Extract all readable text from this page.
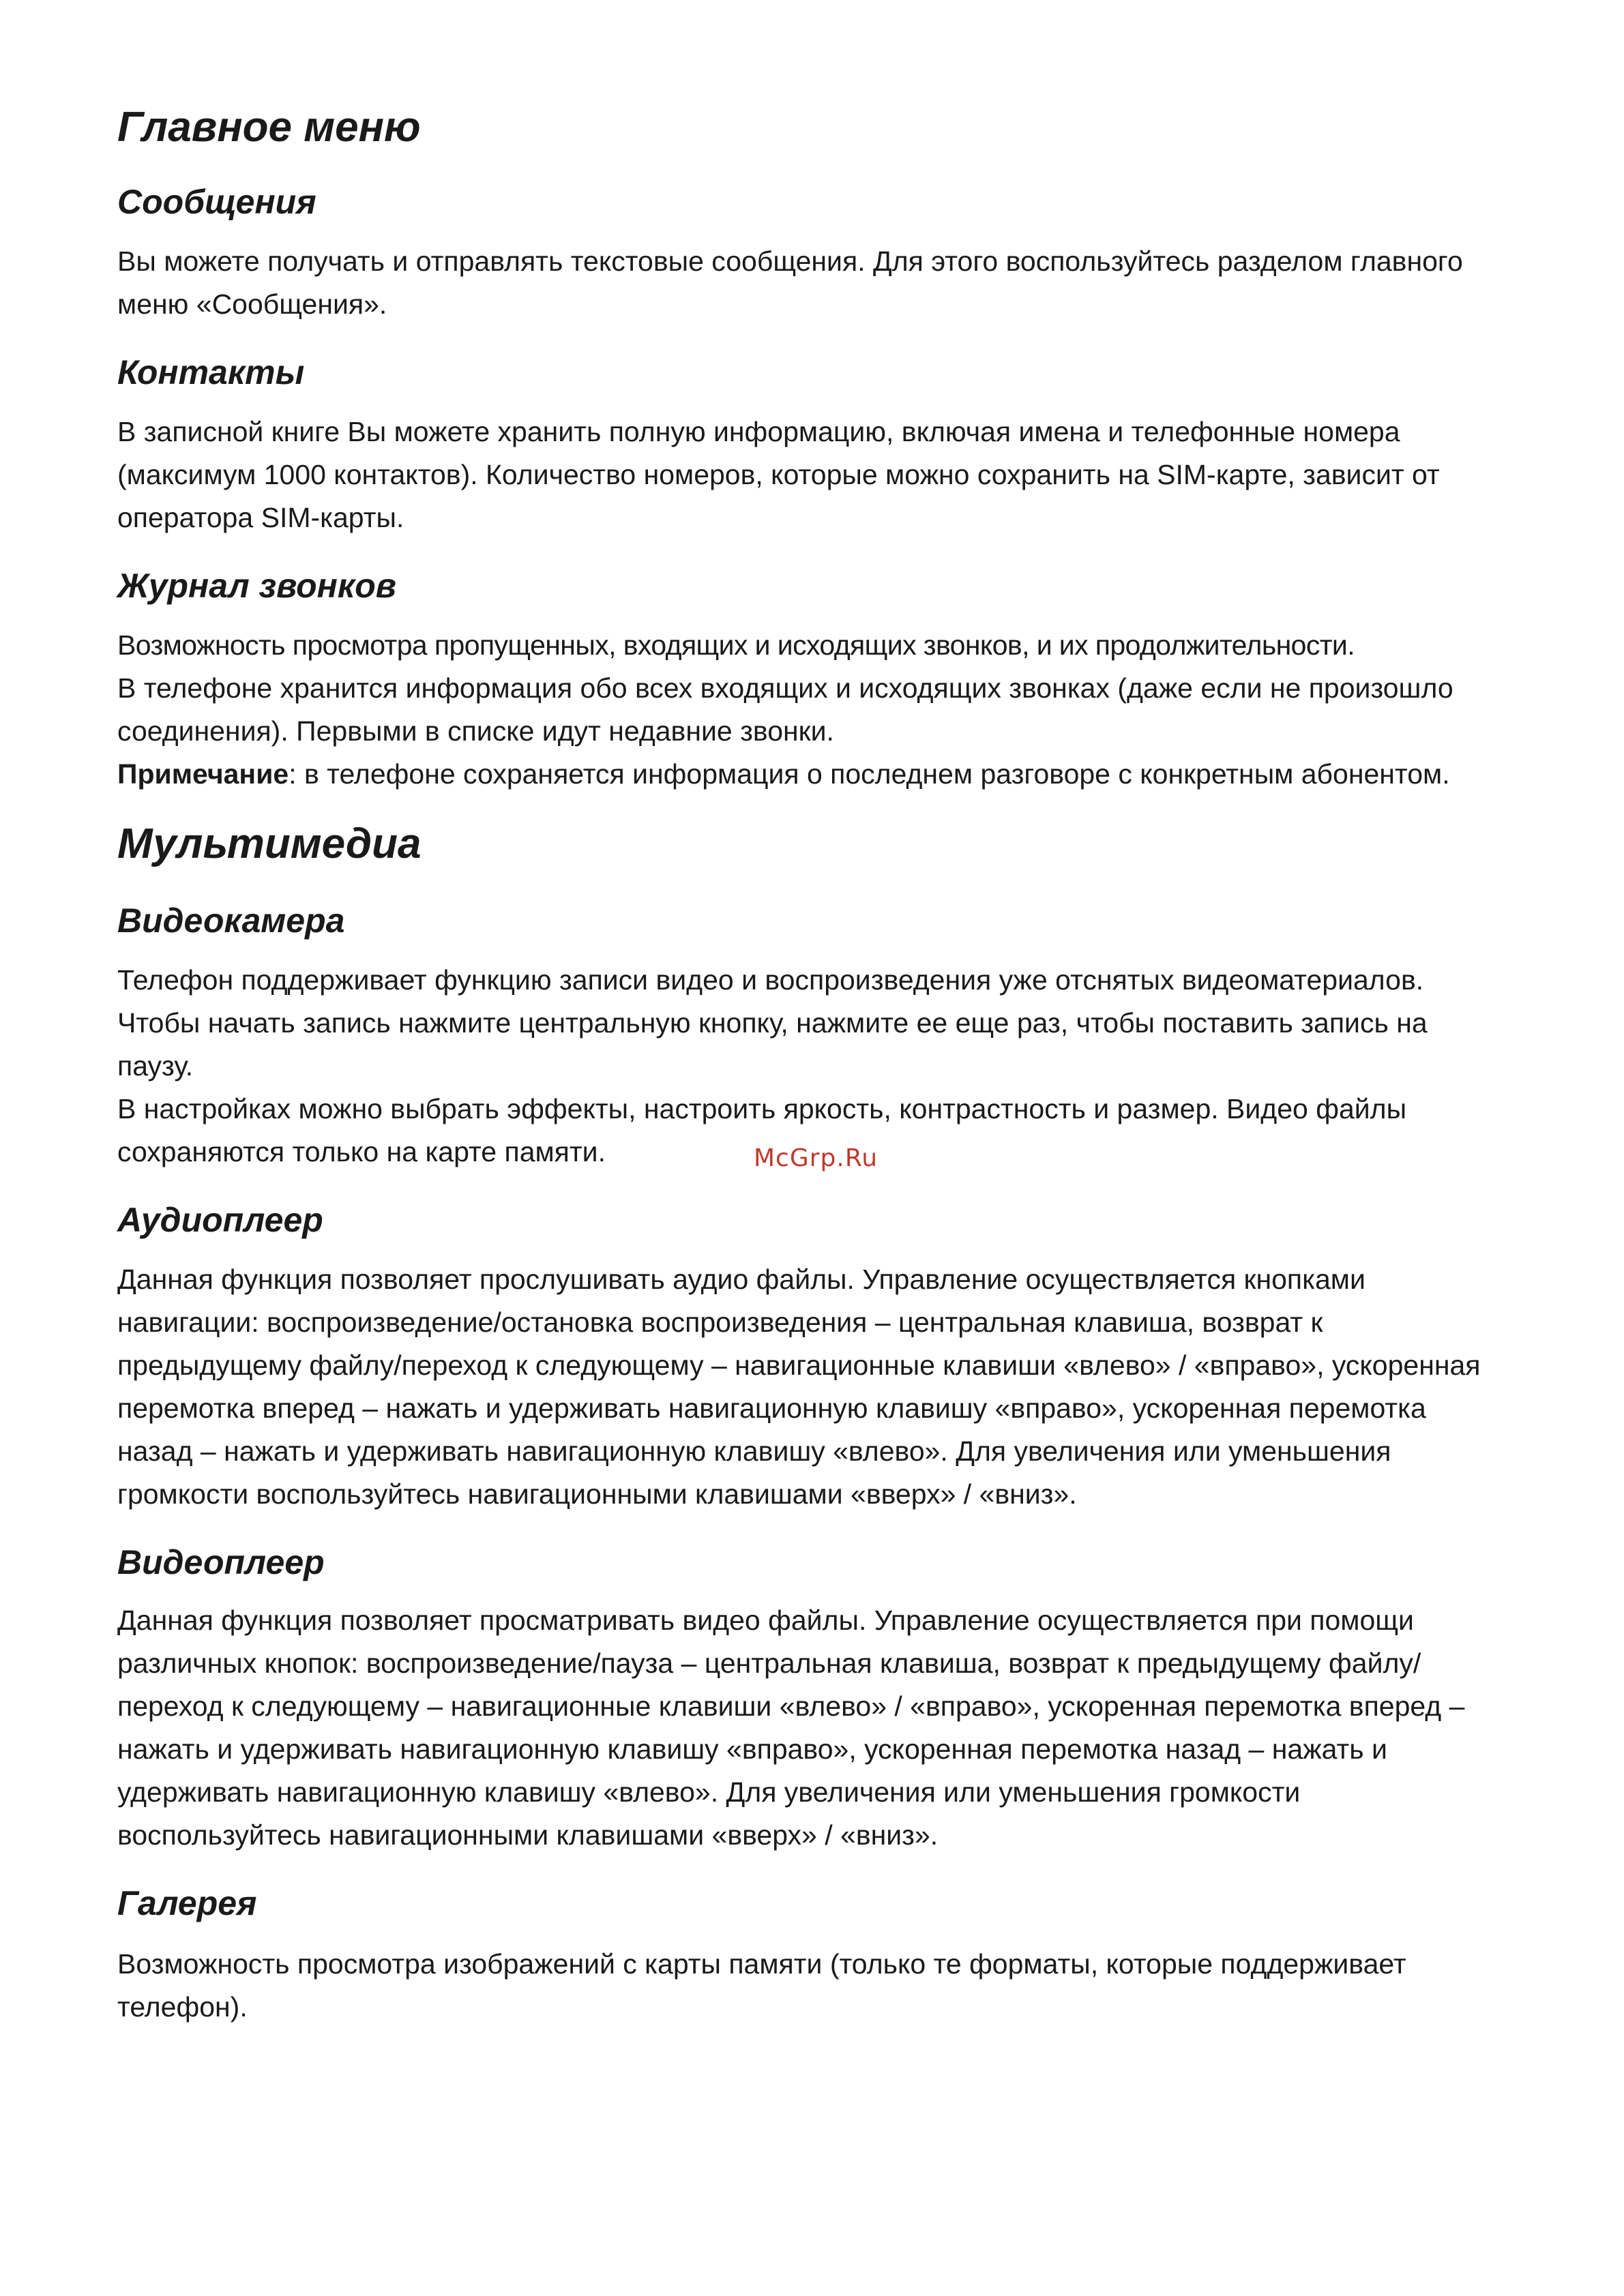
Главное меню
Сообщения

Вы можете получать и отправлять текстовые сообщения. Для этого воспользуйтесь разделом главного меню «Сообщения».

Контакты

В записной книге Вы можете хранить полную информацию, включая имена и телефонные номера (максимум 1000 контактов). Количество номеров, которые можно сохранить на SIM-карте, зависит от оператора SIM-карты.

Журнал звонков

Возможность просмотра пропущенных, входящих и исходящих звонков, и их продолжительности.

В телефоне хранится информация обо всех входящих и исходящих звонках (даже если не произошло соединения). Первыми в списке идут недавние звонки.

Примечание: в телефоне сохраняется информация о последнем разговоре с конкретным абонентом.

Мультимедиа
Видеокамера

Телефон поддерживает функцию записи видео и воспроизведения уже отснятых видеоматериалов. Чтобы начать запись нажмите центральную кнопку, нажмите ее еще раз, чтобы поставить запись на паузу.

В настройках можно выбрать эффекты, настроить яркость, контрастность и размер. Видео файлы сохраняются только на карте памяти.

Аудиоплеер

Данная функция позволяет прослушивать аудио файлы. Управление осуществляется кнопками навигации: воспроизведение/остановка воспроизведения – центральная клавиша, возврат к предыдущему файлу/переход к следующему – навигационные клавиши «влево» / «вправо», ускоренная перемотка вперед – нажать и удерживать навигационную клавишу «вправо», ускоренная перемотка назад – нажать и удерживать навигационную клавишу «влево». Для увеличения или уменьшения громкости воспользуйтесь навигационными клавишами «вверх» / «вниз».

Видеоплеер

Данная функция позволяет просматривать видео файлы. Управление осуществляется при помощи различных кнопок: воспроизведение/пауза – центральная клавиша, возврат к предыдущему файлу/переход к следующему – навигационные клавиши «влево» / «вправо», ускоренная перемотка вперед – нажать и удерживать навигационную клавишу «вправо», ускоренная перемотка назад – нажать и удерживать навигационную клавишу «влево». Для увеличения или уменьшения громкости воспользуйтесь навигационными клавишами «вверх» / «вниз».

Галерея

Возможность просмотра изображений с карты памяти (только те форматы, которые поддерживает телефон).

McGrp.Ru
